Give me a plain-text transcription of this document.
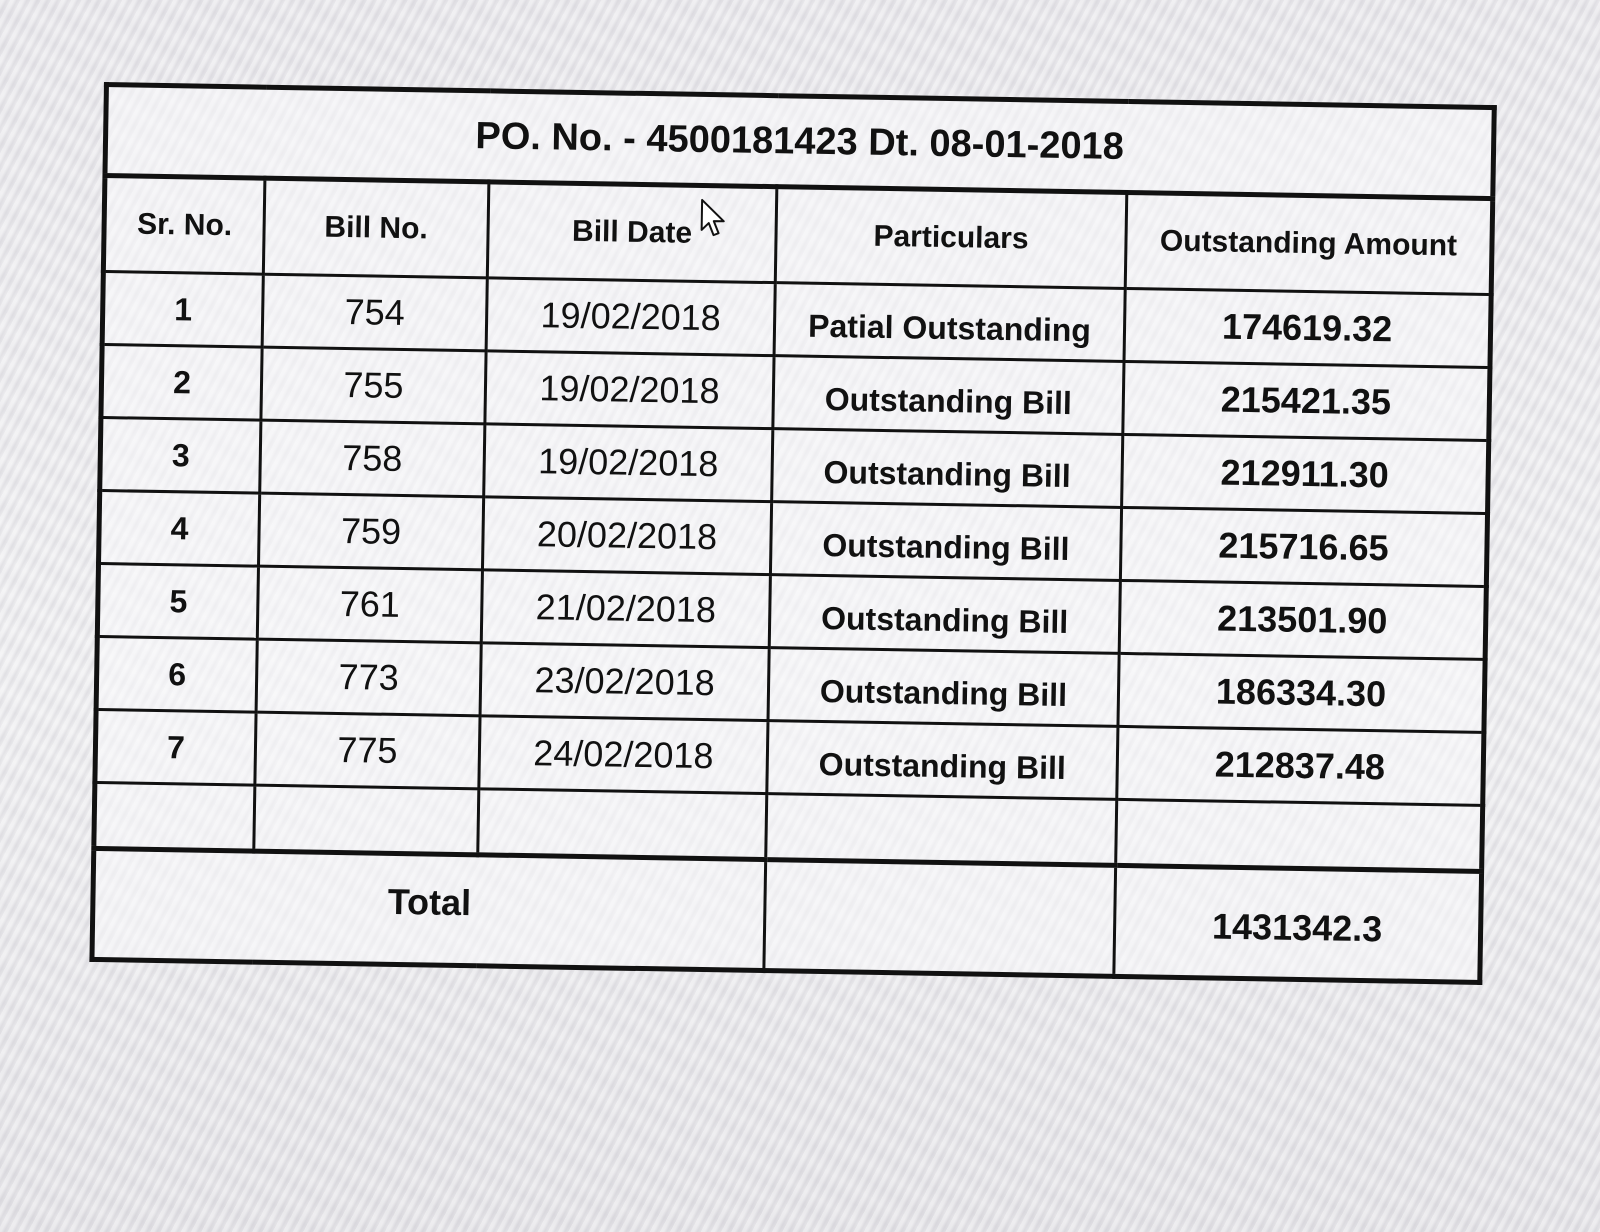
PO. No. - 4500181423 Dt. 08-01-2018				
Sr. No.	Bill No.	Bill Date	Particulars	Outstanding Amount
1	754	19/02/2018	Patial Outstanding	174619.32
2	755	19/02/2018	Outstanding Bill	215421.35
3	758	19/02/2018	Outstanding Bill	212911.30
4	759	20/02/2018	Outstanding Bill	215716.65
5	761	21/02/2018	Outstanding Bill	213501.90
6	773	23/02/2018	Outstanding Bill	186334.30
7	775	24/02/2018	Outstanding Bill	212837.48

Total				1431342.3
